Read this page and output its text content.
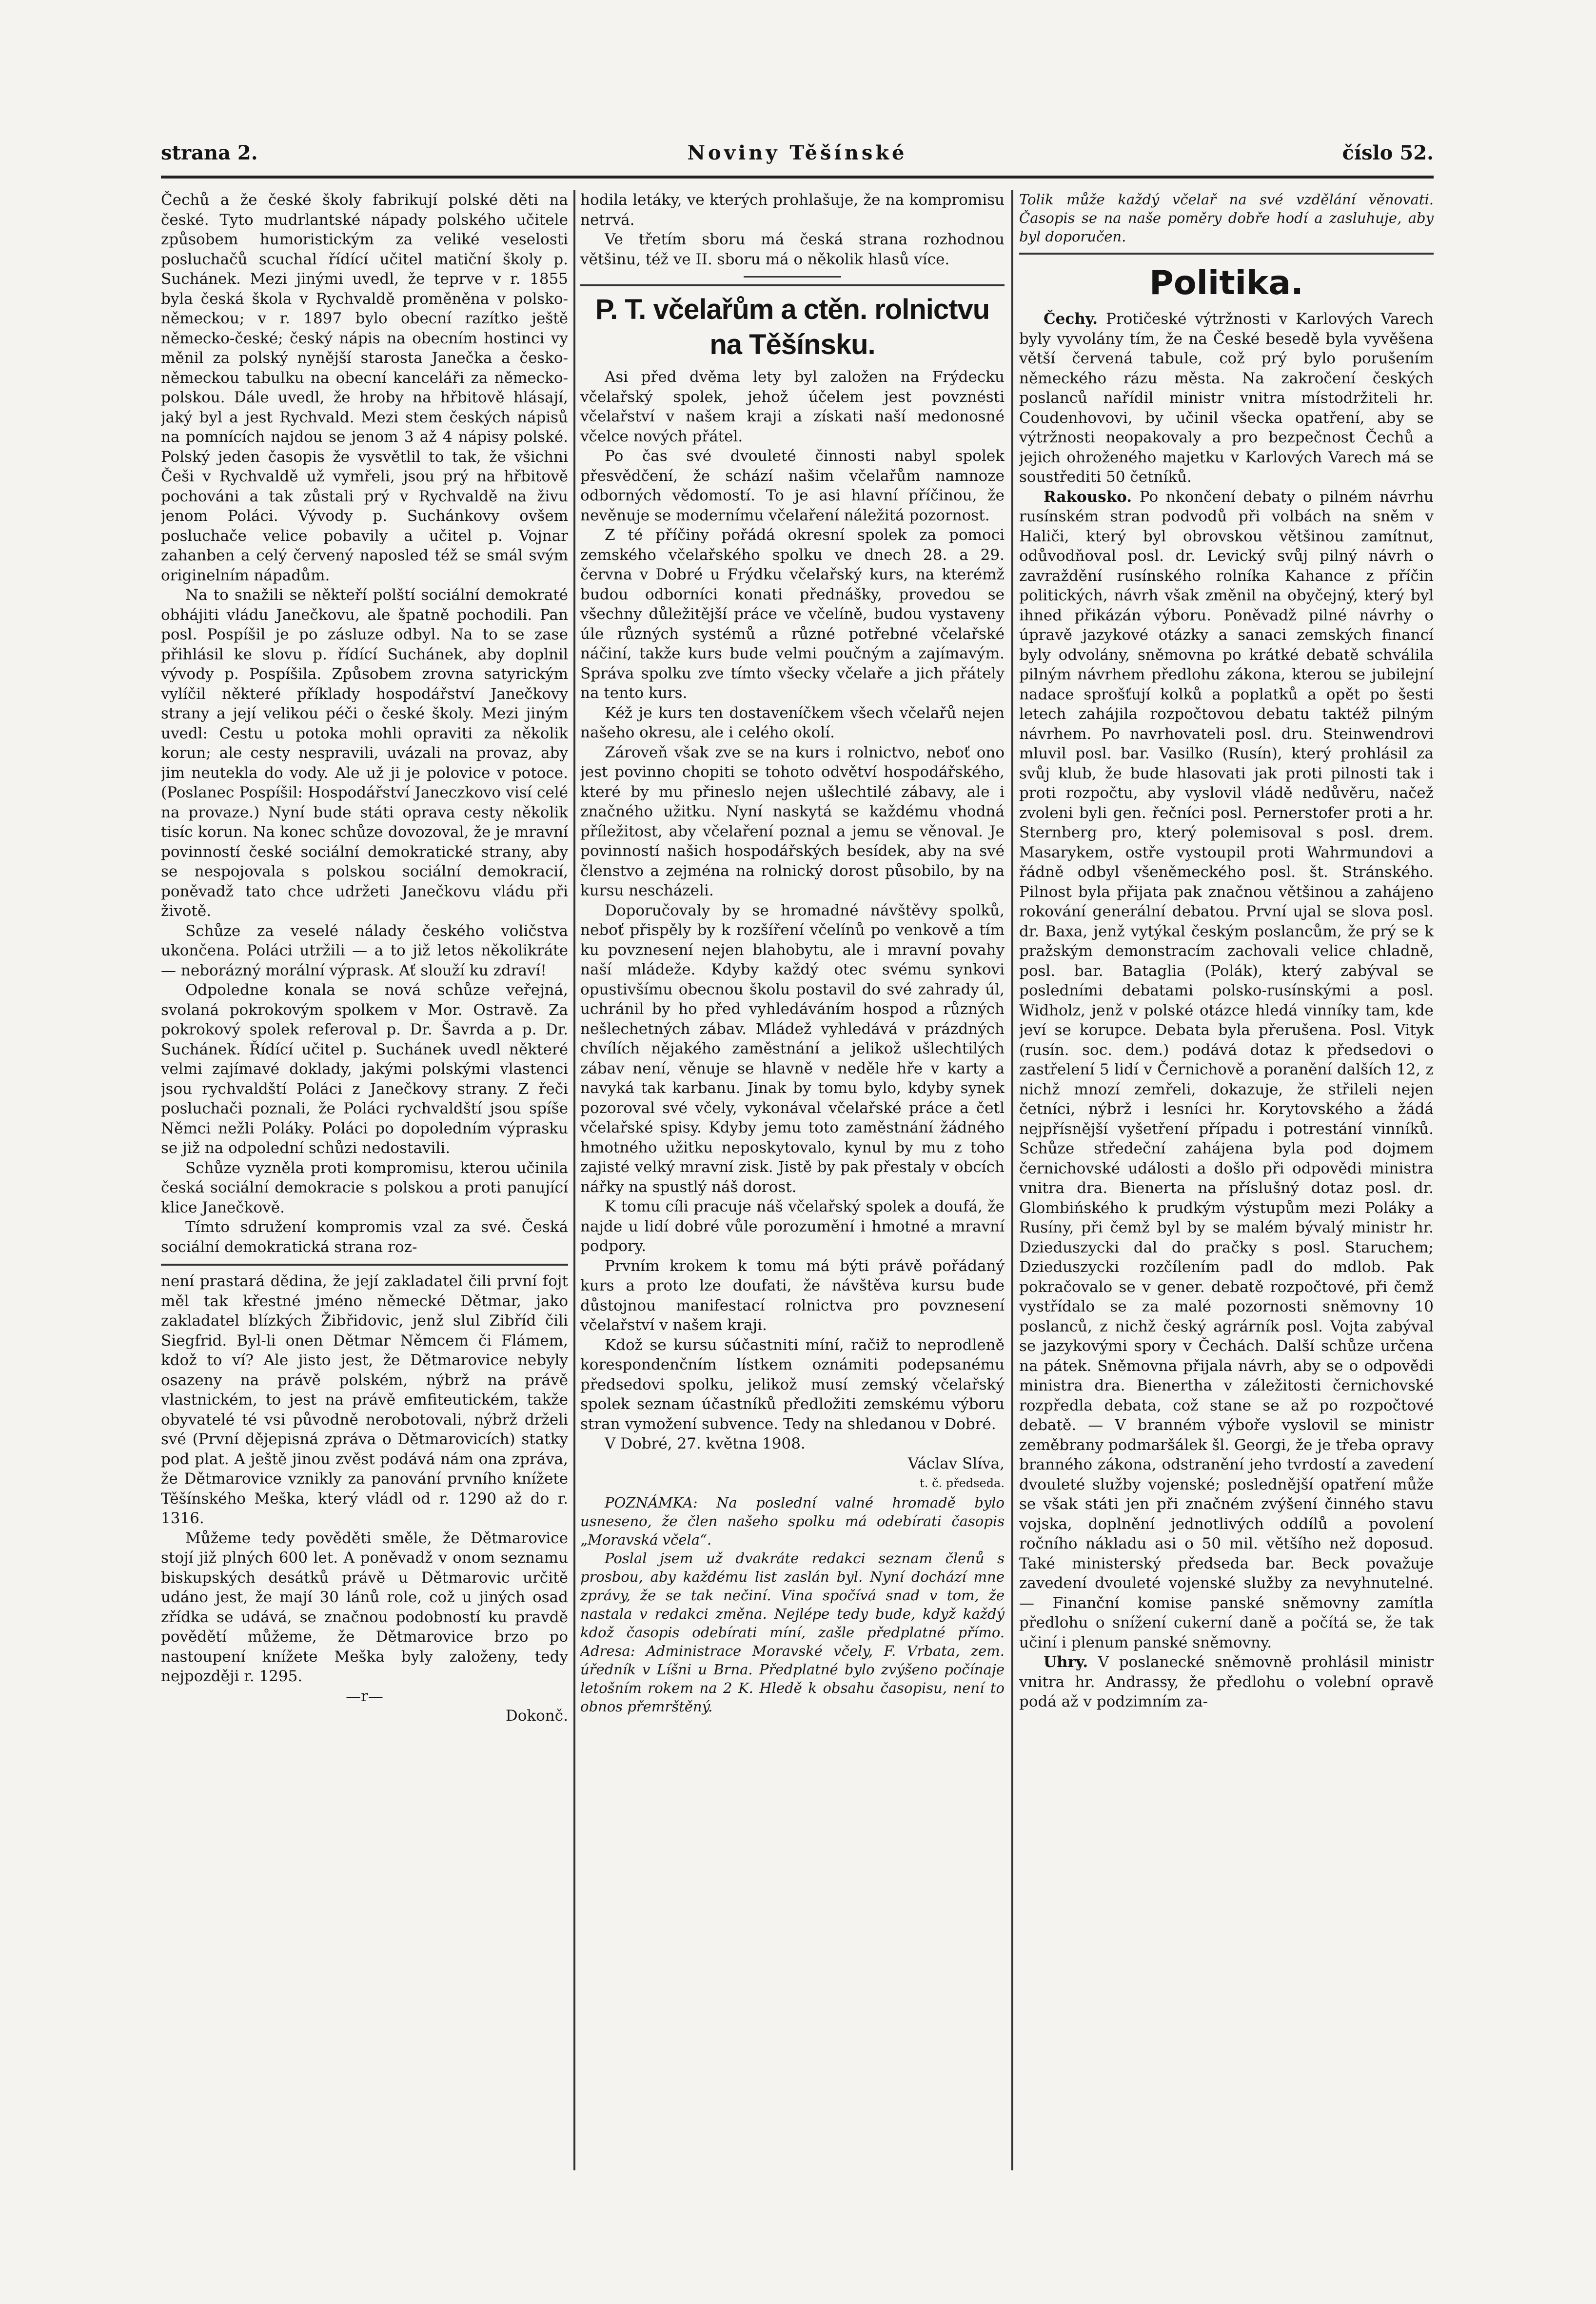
strana 2.	Noviny Těšínské	číslo 52.

Čechů a že české školy fabrikují polské děti na české. Tyto mudrlantské nápady polského učitele způsobem humoristickým za veliké veselosti posluchačů scuchal řídící učitel matiční školy p. Suchánek. Mezi jinými uvedl, že teprve v r. 1855 byla česká škola v Rychvaldě proměněna v polsko-německou; v r. 1897 bylo obecní razítko ještě německo-české; český nápis na obecním hostinci vy měnil za polský nynější starosta Janečka a česko-německou tabulku na obecní kanceláři za německo-polskou. Dále uvedl, že hroby na hřbitově hlásají, jaký byl a jest Rychvald. Mezi stem českých nápisů na pomnících najdou se jenom 3 až 4 nápisy polské. Polský jeden časopis že vysvětlil to tak, že všichni Češi v Rychvaldě už vymřeli, jsou prý na hřbitově pochováni a tak zůstali prý v Rychvaldě na živu jenom Poláci. Vývody p. Suchánkovy ovšem posluchače velice pobavily a učitel p. Vojnar zahanben a celý červený naposled též se smál svým originelním nápadům.

Na to snažili se někteří polští sociální demokraté obhájiti vládu Janečkovu, ale špatně pochodili. Pan posl. Pospíšil je po zásluze odbyl. Na to se zase přihlásil ke slovu p. řídící Suchánek, aby doplnil vývody p. Pospíšila. Způsobem zrovna satyrickým vylíčil některé příklady hospodářství Janečkovy strany a její velikou péči o české školy. Mezi jiným uvedl: Cestu u potoka mohli opraviti za několik korun; ale cesty nespravili, uvázali na provaz, aby jim neutekla do vody. Ale už ji je polovice v potoce. (Poslanec Pospíšil: Hospodářství Janeczkovo visí celé na provaze.) Nyní bude státi oprava cesty několik tisíc korun. Na konec schůze dovozoval, že je mravní povinností české sociální demokratické strany, aby se nespojovala s polskou sociální demokracií, poněvadž tato chce udržeti Janečkovu vládu při životě.

Schůze za veselé nálady českého voličstva ukončena. Poláci utržili — a to již letos několikráte — neborázný morální výprask. Ať slouží ku zdraví!

Odpoledne konala se nová schůze veřejná, svolaná pokrokovým spolkem v Mor. Ostravě. Za pokrokový spolek referoval p. Dr. Šavrda a p. Dr. Suchánek. Řídící učitel p. Suchánek uvedl některé velmi zajímavé doklady, jakými polskými vlastenci jsou rychvaldští Poláci z Janečkovy strany. Z řeči posluchači poznali, že Poláci rychvaldští jsou spíše Němci nežli Poláky. Poláci po dopoledním výprasku se již na odpolední schůzi nedostavili.

Schůze vyzněla proti kompromisu, kterou učinila česká sociální demokracie s polskou a proti panující klice Janečkově.

Tímto sdružení kompromis vzal za své. Česká sociální demokratická strana roz-

není prastará dědina, že její zakladatel čili první fojt měl tak křestné jméno německé Dětmar, jako zakladatel blízkých Žibřidovic, jenž slul Zibříd čili Siegfrid. Byl-li onen Dětmar Němcem či Flámem, kdož to ví? Ale jisto jest, že Dětmarovice nebyly osazeny na právě polském, nýbrž na právě vlastnickém, to jest na právě emfiteutickém, takže obyvatelé té vsi původně nerobotovali, nýbrž drželi své (První dějepisná zpráva o Dětmarovicích) statky pod plat. A ještě jinou zvěst podává nám ona zpráva, že Dětmarovice vznikly za panování prvního knížete Těšínského Meška, který vládl od r. 1290 až do r. 1316.

Můžeme tedy pověděti směle, že Dětmarovice stojí již plných 600 let. A poněvadž v onom seznamu biskupských desátků právě u Dětmarovic určitě udáno jest, že mají 30 lánů role, což u jiných osad zřídka se udává, se značnou podobností ku pravdě povědětí můžeme, že Dětmarovice brzo po nastoupení knížete Meška byly založeny, tedy nejpozději r. 1295.

—r—

Dokonč.

hodila letáky, ve kterých prohlašuje, že na kompromisu netrvá.

Ve třetím sboru má česká strana rozhodnou většinu, též ve II. sboru má o několik hlasů více.

P. T. včelařům a ctěn. rolnictvu na Těšínsku.

Asi před dvěma lety byl založen na Frýdecku včelařský spolek, jehož účelem jest povznésti včelařství v našem kraji a získati naší medonosné včelce nových přátel.

Po čas své dvouleté činnosti nabyl spolek přesvědčení, že schází našim včelařům namnoze odborných vědomostí. To je asi hlavní příčinou, že nevěnuje se modernímu včelaření náležitá pozornost.

Z té příčiny pořádá okresní spolek za pomoci zemského včelařského spolku ve dnech 28. a 29. června v Dobré u Frýdku včelařský kurs, na kterémž budou odborníci konati přednášky, provedou se všechny důležitější práce ve včelíně, budou vystaveny úle různých systémů a různé potřebné včelařské náčiní, takže kurs bude velmi poučným a zajímavým. Správa spolku zve tímto všecky včelaře a jich přátely na tento kurs.

Kéž je kurs ten dostaveníčkem všech včelařů nejen našeho okresu, ale i celého okolí.

Zároveň však zve se na kurs i rolnictvo, neboť ono jest povinno chopiti se tohoto odvětví hospodářského, které by mu přineslo nejen ušlechtilé zábavy, ale i značného užitku. Nyní naskytá se každému vhodná příležitost, aby včelaření poznal a jemu se věnoval. Je povinností našich hospodářských besídek, aby na své členstvo a zejména na rolnický dorost působilo, by na kursu nescházeli.

Doporučovaly by se hromadné návštěvy spolků, neboť přispěly by k rozšíření včelínů po venkově a tím ku povznesení nejen blahobytu, ale i mravní povahy naší mládeže. Kdyby každý otec svému synkovi opustivšímu obecnou školu postavil do své zahrady úl, uchránil by ho před vyhledáváním hospod a různých nešlechetných zábav. Mládež vyhledává v prázdných chvílích nějakého zaměstnání a jelikož ušlechtilých zábav není, věnuje se hlavně v neděle hře v karty a navyká tak karbanu. Jinak by tomu bylo, kdyby synek pozoroval své včely, vykonával včelařské práce a četl včelařské spisy. Kdyby jemu toto zaměstnání žádného hmotného užitku neposkytovalo, kynul by mu z toho zajisté velký mravní zisk. Jistě by pak přestaly v obcích nářky na spustlý náš dorost.

K tomu cíli pracuje náš včelařský spolek a doufá, že najde u lidí dobré vůle porozumění i hmotné a mravní podpory.

Prvním krokem k tomu má býti právě pořádaný kurs a proto lze doufati, že návštěva kursu bude důstojnou manifestací rolnictva pro povznesení včelařství v našem kraji.

Kdož se kursu súčastniti míní, račiž to neprodleně korespondenčním lístkem oznámiti podepsanému předsedovi spolku, jelikož musí zemský včelařský spolek seznam účastníků předložiti zemskému výboru stran vymožení subvence. Tedy na shledanou v Dobré.

V Dobré, 27. května 1908.

Václav Slíva,

t. č. předseda.

POZNÁMKA: Na poslední valné hromadě bylo usneseno, že člen našeho spolku má odebírati časopis „Moravská včela“.

Poslal jsem už dvakráte redakci seznam členů s prosbou, aby každému list zaslán byl. Nyní dochází mne zprávy, že se tak nečiní. Vina spočívá snad v tom, že nastala v redakci změna. Nejlépe tedy bude, když každý kdož časopis odebírati míní, zašle předplatné přímo. Adresa: Administrace Moravské včely, F. Vrbata, zem. úředník v Líšni u Brna. Předplatné bylo zvýšeno počínaje letošním rokem na 2 K. Hledě k obsahu časopisu, není to obnos přemrštěný.

Tolik může každý včelař na své vzdělání věnovati. Časopis se na naše poměry dobře hodí a zasluhuje, aby byl doporučen.

Politika.

Čechy. Protičeské výtržnosti v Karlových Varech byly vyvolány tím, že na České besedě byla vyvěšena větší červená tabule, což prý bylo porušením německého rázu města. Na zakročení českých poslanců nařídil ministr vnitra místodržiteli hr. Coudenhovovi, by učinil všecka opatření, aby se výtržnosti neopakovaly a pro bezpečnost Čechů a jejich ohroženého majetku v Karlových Varech má se soustřediti 50 četníků.

Rakousko. Po nkončení debaty o pilném návrhu rusínském stran podvodů při volbách na sněm v Haliči, který byl obrovskou většinou zamítnut, odůvodňoval posl. dr. Levický svůj pilný návrh o zavraždění rusínského rolníka Kahance z příčin politických, návrh však změnil na obyčejný, který byl ihned přikázán výboru. Poněvadž pilné návrhy o úpravě jazykové otázky a sanaci zemských financí byly odvolány, sněmovna po krátké debatě schválila pilným návrhem předlohu zákona, kterou se jubilejní nadace sprošťují kolků a poplatků a opět po šesti letech zahájila rozpočtovou debatu taktéž pilným návrhem. Po navrhovateli posl. dru. Steinwendrovi mluvil posl. bar. Vasilko (Rusín), který prohlásil za svůj klub, že bude hlasovati jak proti pilnosti tak i proti rozpočtu, aby vyslovil vládě nedůvěru, načež zvoleni byli gen. řečníci posl. Pernerstofer proti a hr. Sternberg pro, který polemisoval s posl. drem. Masarykem, ostře vystoupil proti Wahrmundovi a řádně odbyl všeněmeckého posl. št. Stránského. Pilnost byla přijata pak značnou většinou a zahájeno rokování generální debatou. První ujal se slova posl. dr. Baxa, jenž vytýkal českým poslancům, že prý se k pražským demonstracím zachovali velice chladně, posl. bar. Bataglia (Polák), který zabýval se posledními debatami polsko-rusínskými a posl. Widholz, jenž v polské otázce hledá vinníky tam, kde jeví se korupce. Debata byla přerušena. Posl. Vityk (rusín. soc. dem.) podává dotaz k předsedovi o zastřelení 5 lidí v Černichově a poranění dalších 12, z nichž mnozí zemřeli, dokazuje, že střileli nejen četníci, nýbrž i lesníci hr. Korytovského a žádá nejpřísnější vyšetření případu i potrestání vinníků. Schůze středeční zahájena byla pod dojmem černichovské události a došlo při odpovědi ministra vnitra dra. Bienerta na příslušný dotaz posl. dr. Glombińského k prudkým výstupům mezi Poláky a Rusíny, při čemž byl by se malém bývalý ministr hr. Dzieduszycki dal do pračky s posl. Staruchem; Dzieduszycki rozčílením padl do mdlob. Pak pokračovalo se v gener. debatě rozpočtové, při čemž vystřídalo se za malé pozornosti sněmovny 10 poslanců, z nichž český agrárník posl. Vojta zabýval se jazykovými spory v Čechách. Další schůze určena na pátek. Sněmovna přijala návrh, aby se o odpovědi ministra dra. Bienertha v záležitosti černichovské rozpředla debata, což stane se až po rozpočtové debatě. — V branném výboře vyslovil se ministr zeměbrany podmaršálek šl. Georgi, že je třeba opravy branného zákona, odstranění jeho tvrdostí a zavedení dvouleté služby vojenské; poslednější opatření může se však státi jen při značném zvýšení činného stavu vojska, doplnění jednotlivých oddílů a povolení ročního nákladu asi o 50 mil. většího než doposud. Také ministerský předseda bar. Beck považuje zavedení dvouleté vojenské služby za nevyhnutelné. — Finanční komise panské sněmovny zamítla předlohu o snížení cukerní daně a počítá se, že tak učiní i plenum panské sněmovny.

Uhry. V poslanecké sněmovně prohlásil ministr vnitra hr. Andrassy, že předlohu o volební opravě podá až v podzimním za-
